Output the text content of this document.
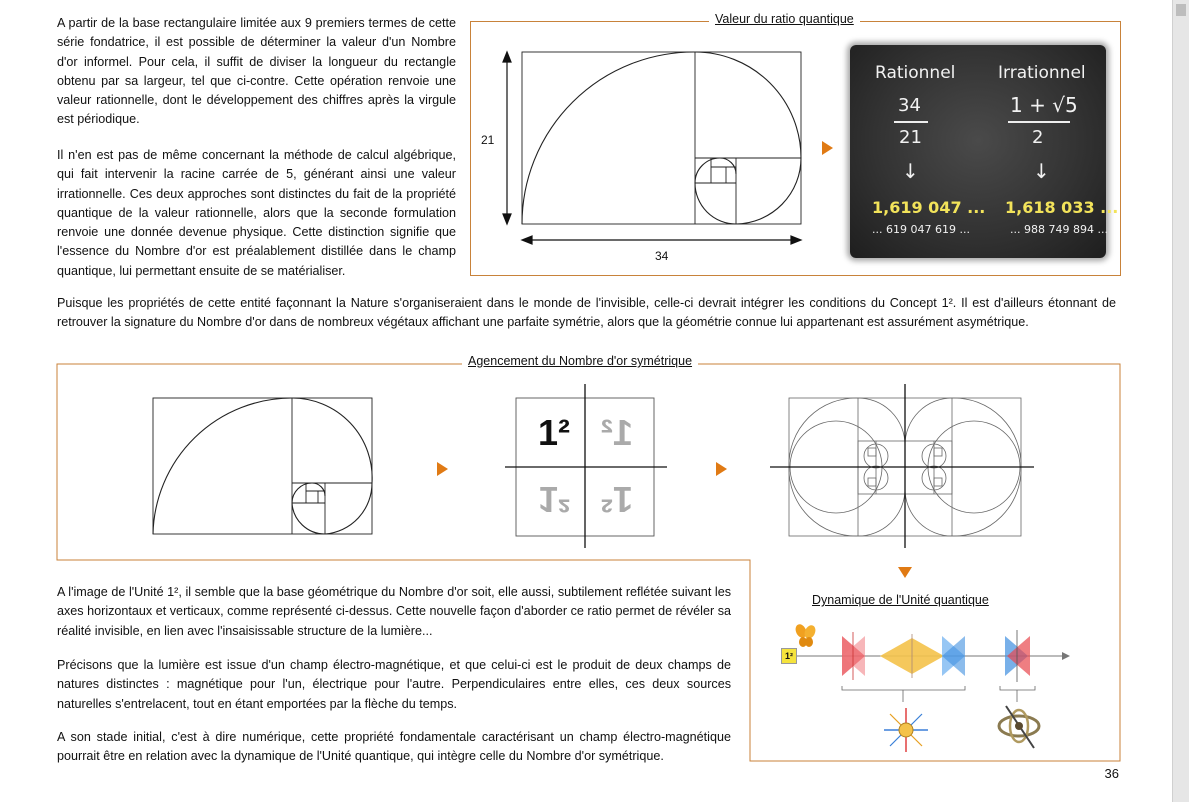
A partir de la base rectangulaire limitée aux 9 premiers termes de cette série fondatrice, il est possible de déterminer la valeur d'un Nombre d'or informel. Pour cela, il suffit de diviser la longueur du rectangle obtenu par sa largeur, tel que ci-contre. Cette opération renvoie une valeur rationnelle, dont le développement des chiffres après la virgule est périodique.

Il n'en est pas de même concernant la méthode de calcul algébrique, qui fait intervenir la racine carrée de 5, générant ainsi une valeur irrationnelle. Ces deux approches sont distinctes du fait de la propriété quantique de la valeur rationnelle, alors que la seconde formulation renvoie une donnée devenue physique. Cette distinction signifie que l'essence du Nombre d'or est préalablement distillée dans le champ quantique, lui permettant ensuite de se matérialiser.

Valeur du ratio quantique
21
34
Rationnel	Irrationnel
34
21
1 + √5
2
↓	↓
1,619 047 ...
... 619 047 619 ...
1,618 033 ...
... 988 749 894 ...

Puisque les propriétés de cette entité façonnant la Nature s'organiseraient dans le monde de l'invisible, celle-ci devrait intégrer les conditions du Concept 1². Il est d'ailleurs étonnant de retrouver la signature du Nombre d'or dans de nombreux végétaux affichant une parfaite symétrie, alors que la géométrie connue lui appartenant est assurément asymétrique.

Agencement du Nombre d'or symétrique
1² 1²
1² 1²
Dynamique de l'Unité quantique
1²

A l'image de l'Unité 1², il semble que la base géométrique du Nombre d'or soit, elle aussi, subtilement reflétée suivant les axes horizontaux et verticaux, comme représenté ci-dessus. Cette nouvelle façon d'aborder ce ratio permet de révéler sa réalité invisible, en lien avec l'insaisissable structure de la lumière...

Précisons que la lumière est issue d'un champ électro-magnétique, et que celui-ci est le produit de deux champs de natures distinctes : magnétique pour l'un, électrique pour l'autre. Perpendiculaires entre elles, ces deux sources naturelles s'entrelacent, tout en étant emportées par la flèche du temps.

A son stade initial, c'est à dire numérique, cette propriété fondamentale caractérisant un champ électro-magnétique pourrait être en relation avec la dynamique de l'Unité quantique, qui intègre celle du Nombre d'or symétrique.

36
